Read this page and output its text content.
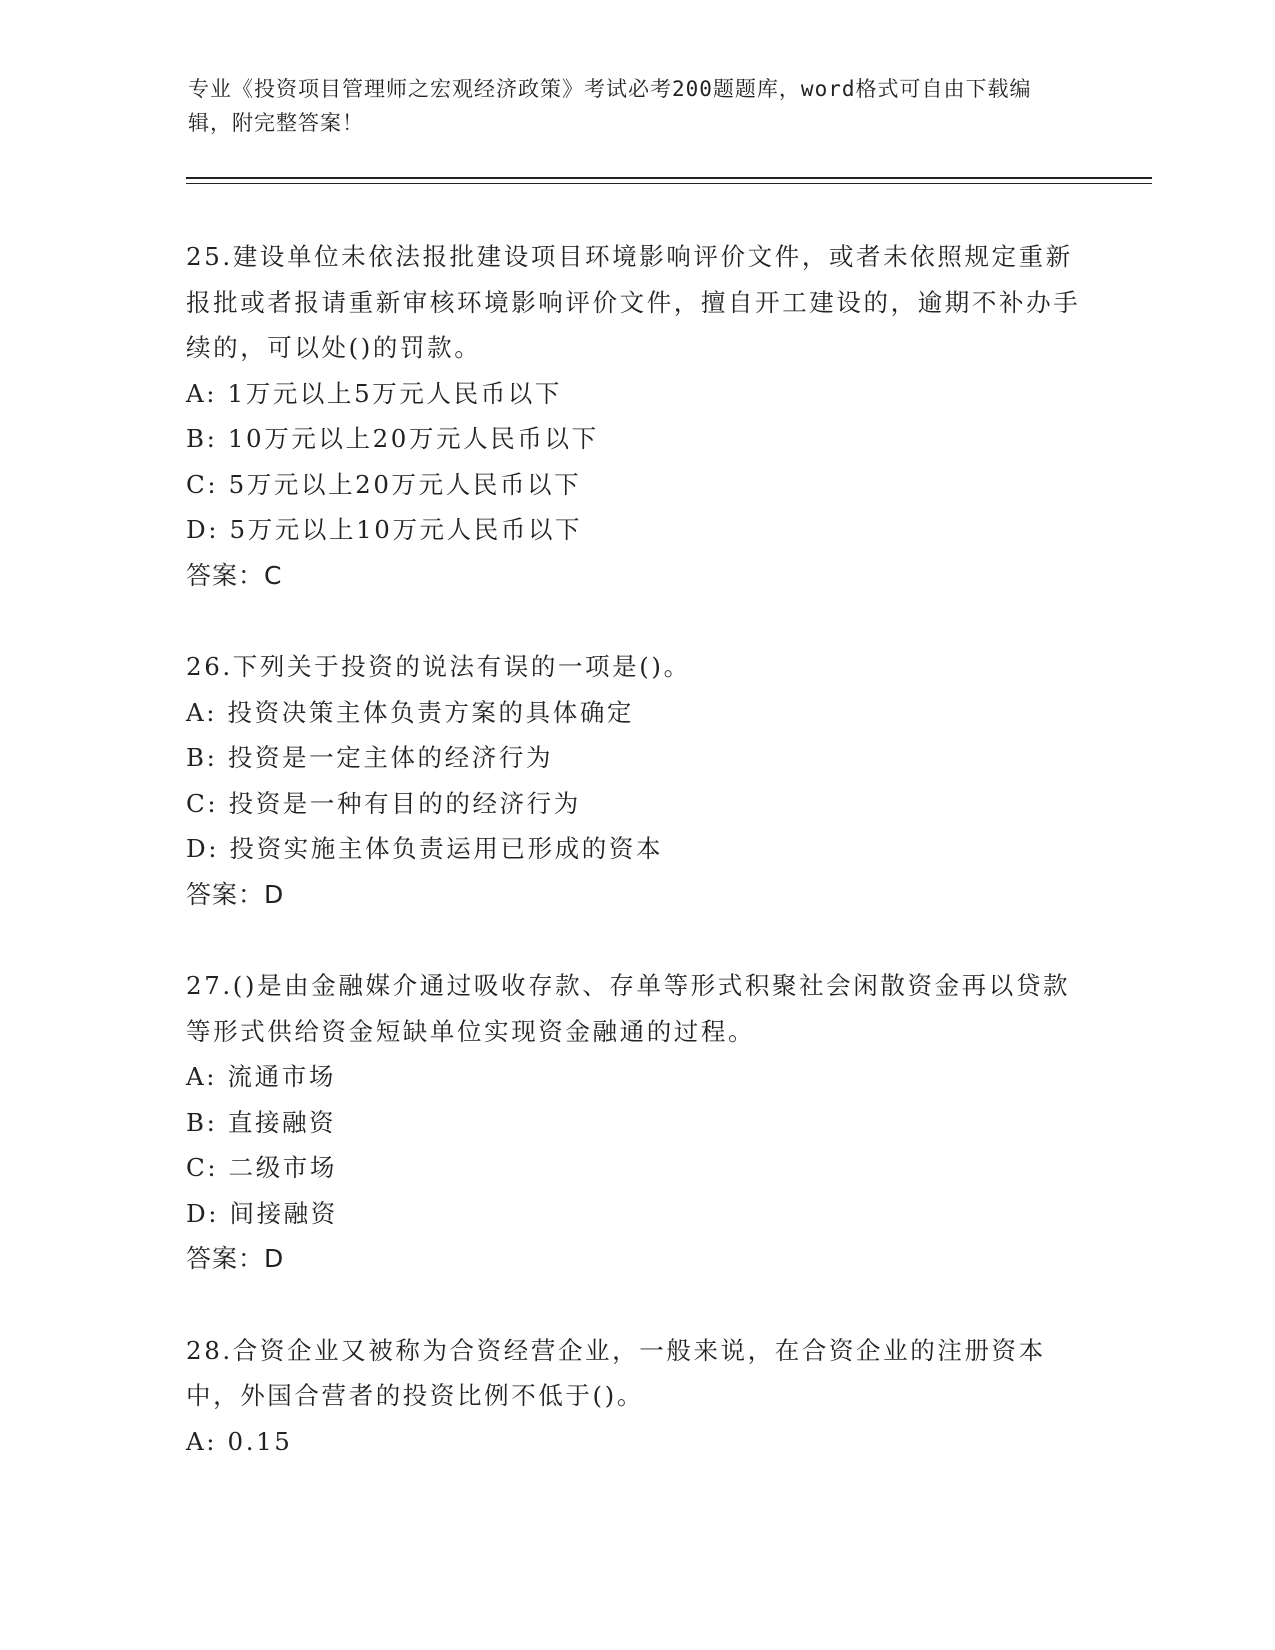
专业《投资项目管理师之宏观经济政策》考试必考200题题库，word格式可自由下载编辑，附完整答案！

25.建设单位未依法报批建设项目环境影响评价文件，或者未依照规定重新报批或者报请重新审核环境影响评价文件，擅自开工建设的，逾期不补办手续的，可以处()的罚款。

A: 1万元以上5万元人民币以下

B: 10万元以上20万元人民币以下

C: 5万元以上20万元人民币以下

D: 5万元以上10万元人民币以下

答案：C

26.下列关于投资的说法有误的一项是()。

A: 投资决策主体负责方案的具体确定

B: 投资是一定主体的经济行为

C: 投资是一种有目的的经济行为

D: 投资实施主体负责运用已形成的资本

答案：D

27.()是由金融媒介通过吸收存款、存单等形式积聚社会闲散资金再以贷款等形式供给资金短缺单位实现资金融通的过程。

A: 流通市场

B: 直接融资

C: 二级市场

D: 间接融资

答案：D

28.合资企业又被称为合资经营企业，一般来说，在合资企业的注册资本中，外国合营者的投资比例不低于()。

A: 0.15
